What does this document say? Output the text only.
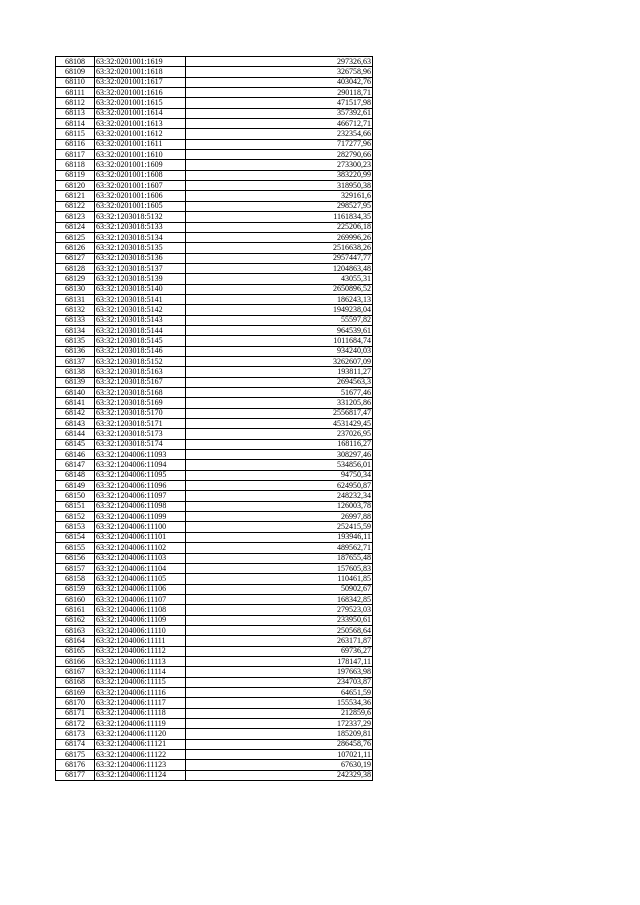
68108	63:32:0201001:1619	297326,63
68109	63:32:0201001:1618	326758,96
68110	63:32:0201001:1617	403042,76
68111	63:32:0201001:1616	290118,71
68112	63:32:0201001:1615	471517,98
68113	63:32:0201001:1614	357392,61
68114	63:32:0201001:1613	466712,71
68115	63:32:0201001:1612	232354,66
68116	63:32:0201001:1611	717277,96
68117	63:32:0201001:1610	282790,66
68118	63:32:0201001:1609	273300,23
68119	63:32:0201001:1608	383220,99
68120	63:32:0201001:1607	318950,38
68121	63:32:0201001:1606	329161,6
68122	63:32:0201001:1605	298527,95
68123	63:32:1203018:5132	1161834,35
68124	63:32:1203018:5133	225206,18
68125	63:32:1203018:5134	269996,26
68126	63:32:1203018:5135	2516638,26
68127	63:32:1203018:5136	2957447,77
68128	63:32:1203018:5137	1204863,48
68129	63:32:1203018:5139	43055,31
68130	63:32:1203018:5140	2650896,52
68131	63:32:1203018:5141	186243,13
68132	63:32:1203018:5142	1949238,04
68133	63:32:1203018:5143	55597,82
68134	63:32:1203018:5144	964539,61
68135	63:32:1203018:5145	1011684,74
68136	63:32:1203018:5146	934240,03
68137	63:32:1203018:5152	3262607,09
68138	63:32:1203018:5163	193811,27
68139	63:32:1203018:5167	2694563,3
68140	63:32:1203018:5168	51677,46
68141	63:32:1203018:5169	331205,86
68142	63:32:1203018:5170	2556817,47
68143	63:32:1203018:5171	4531429,45
68144	63:32:1203018:5173	237026,95
68145	63:32:1203018:5174	168116,27
68146	63:32:1204006:11093	308297,46
68147	63:32:1204006:11094	534856,01
68148	63:32:1204006:11095	94750,34
68149	63:32:1204006:11096	624950,87
68150	63:32:1204006:11097	248232,34
68151	63:32:1204006:11098	126003,78
68152	63:32:1204006:11099	26997,88
68153	63:32:1204006:11100	252415,59
68154	63:32:1204006:11101	193946,11
68155	63:32:1204006:11102	489562,71
68156	63:32:1204006:11103	187655,48
68157	63:32:1204006:11104	157605,83
68158	63:32:1204006:11105	110461,85
68159	63:32:1204006:11106	50902,67
68160	63:32:1204006:11107	168342,85
68161	63:32:1204006:11108	279523,03
68162	63:32:1204006:11109	233950,61
68163	63:32:1204006:11110	250568,64
68164	63:32:1204006:11111	263171,87
68165	63:32:1204006:11112	69736,27
68166	63:32:1204006:11113	178147,11
68167	63:32:1204006:11114	197663,98
68168	63:32:1204006:11115	234703,87
68169	63:32:1204006:11116	64651,59
68170	63:32:1204006:11117	155534,36
68171	63:32:1204006:11118	212859,6
68172	63:32:1204006:11119	172337,29
68173	63:32:1204006:11120	185209,81
68174	63:32:1204006:11121	286458,76
68175	63:32:1204006:11122	107021,11
68176	63:32:1204006:11123	67630,19
68177	63:32:1204006:11124	242329,38
